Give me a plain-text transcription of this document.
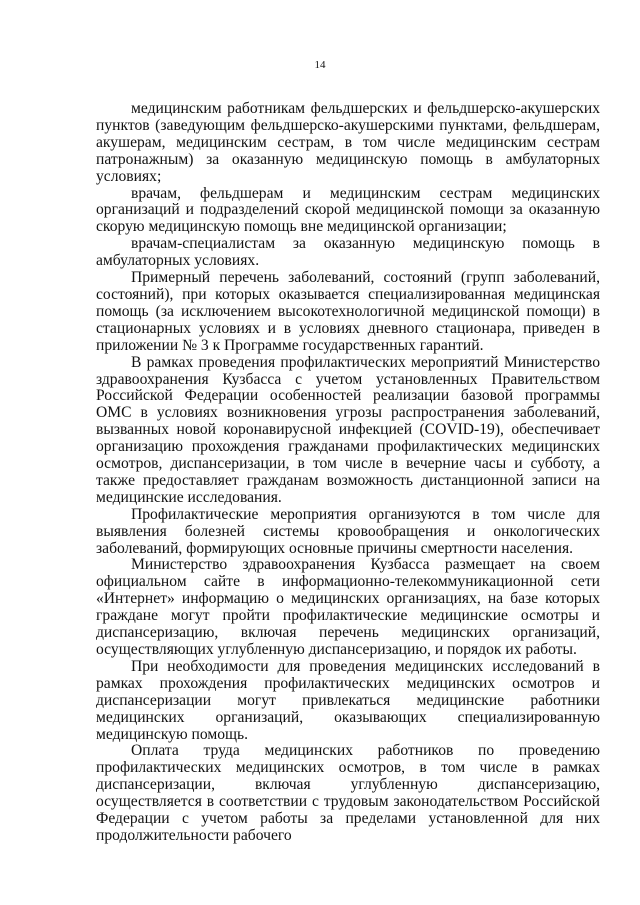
14

медицинским работникам фельдшерских и фельдшерско-акушерских пунктов (заведующим фельдшерско-акушерскими пунктами, фельдшерам, акушерам, медицинским сестрам, в том числе медицинским сестрам патронажным) за оказанную медицинскую помощь в амбулаторных условиях;

врачам, фельдшерам и медицинским сестрам медицинских организаций и подразделений скорой медицинской помощи за оказанную скорую медицинскую помощь вне медицинской организации;

врачам-специалистам за оказанную медицинскую помощь в амбулаторных условиях.

Примерный перечень заболеваний, состояний (групп заболеваний, состояний), при которых оказывается специализированная медицинская помощь (за исключением высокотехнологичной медицинской помощи) в стационарных условиях и в условиях дневного стационара, приведен в приложении № 3 к Программе государственных гарантий.

В рамках проведения профилактических мероприятий Министерство здравоохранения Кузбасса с учетом установленных Правительством Российской Федерации особенностей реализации базовой программы ОМС в условиях возникновения угрозы распространения заболеваний, вызванных новой коронавирусной инфекцией (COVID-19), обеспечивает организацию прохождения гражданами профилактических медицинских осмотров, диспансеризации, в том числе в вечерние часы и субботу, а также предоставляет гражданам возможность дистанционной записи на медицинские исследования.

Профилактические мероприятия организуются в том числе для выявления болезней системы кровообращения и онкологических заболеваний, формирующих основные причины смертности населения.

Министерство здравоохранения Кузбасса размещает на своем официальном сайте в информационно-телекоммуникационной сети «Интернет» информацию о медицинских организациях, на базе которых граждане могут пройти профилактические медицинские осмотры и диспансеризацию, включая перечень медицинских организаций, осуществляющих углубленную диспансеризацию, и порядок их работы.

При необходимости для проведения медицинских исследований в рамках прохождения профилактических медицинских осмотров и диспансеризации могут привлекаться медицинские работники медицинских организаций, оказывающих специализированную медицинскую помощь.

Оплата труда медицинских работников по проведению профилактических медицинских осмотров, в том числе в рамках диспансеризации, включая углубленную диспансеризацию, осуществляется в соответствии с трудовым законодательством Российской Федерации с учетом работы за пределами установленной для них продолжительности рабочего
